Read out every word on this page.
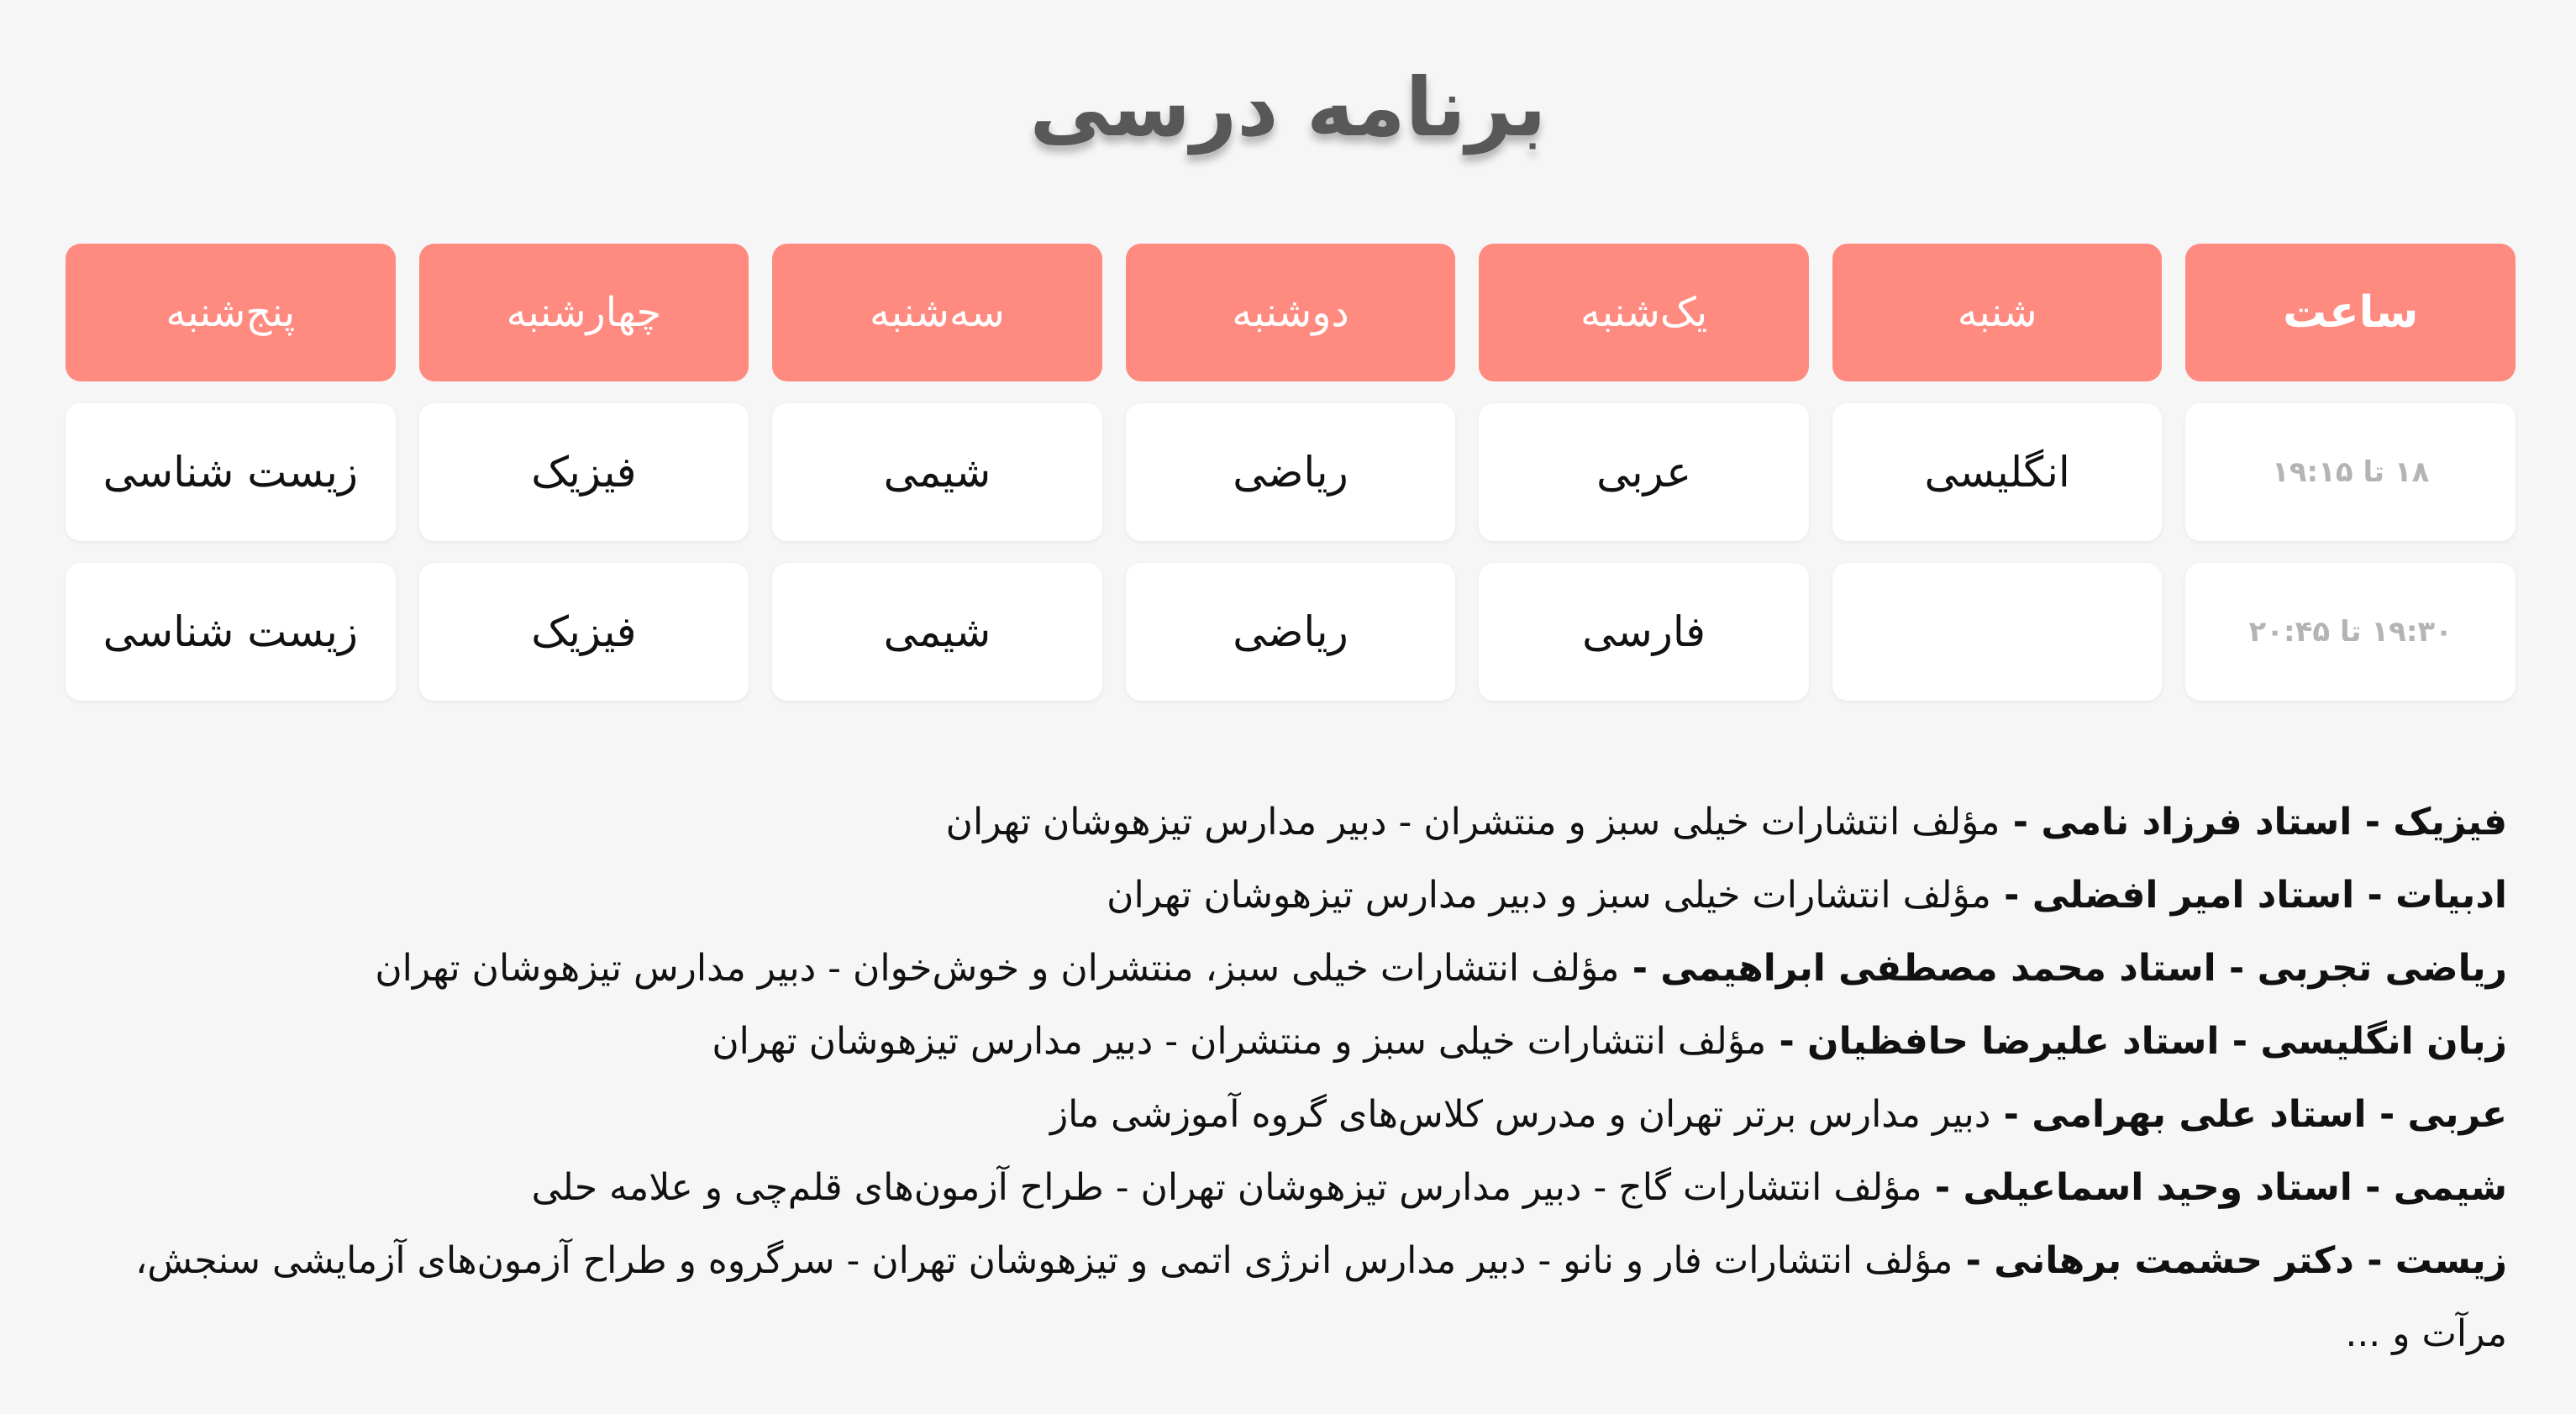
برنامه درسی
ساعت
شنبه
یک‌شنبه
دوشنبه
سه‌شنبه
چهارشنبه
پنج‌شنبه
۱۸ تا ۱۹:۱۵
انگلیسی
عربی
ریاضی
شیمی
فیزیک
زیست شناسی
۱۹:۳۰ تا ۲۰:۴۵
فارسی
ریاضی
شیمی
فیزیک
زیست شناسی
فیزیک - استاد فرزاد نامی - مؤلف انتشارات خیلی سبز و منتشران - دبیر مدارس تیزهوشان تهران
ادبیات - استاد امیر افضلی - مؤلف انتشارات خیلی سبز و دبیر مدارس تیزهوشان تهران
ریاضی تجربی - استاد محمد مصطفی ابراهیمی - مؤلف انتشارات خیلی سبز، منتشران و خوش‌خوان - دبیر مدارس تیزهوشان تهران
زبان انگلیسی - استاد علیرضا حافظیان - مؤلف انتشارات خیلی سبز و منتشران - دبیر مدارس تیزهوشان تهران
عربی - استاد علی بهرامی - دبیر مدارس برتر تهران و مدرس کلاس‌های گروه آموزشی ماز
شیمی - استاد وحید اسماعیلی - مؤلف انتشارات گاج - دبیر مدارس تیزهوشان تهران - طراح آزمون‌های قلم‌چی و علامه حلی
زیست - دکتر حشمت برهانی - مؤلف انتشارات فار و نانو - دبیر مدارس انرژی اتمی و تیزهوشان تهران - سرگروه و طراح آزمون‌های آزمایشی سنجش، مرآت و ...
